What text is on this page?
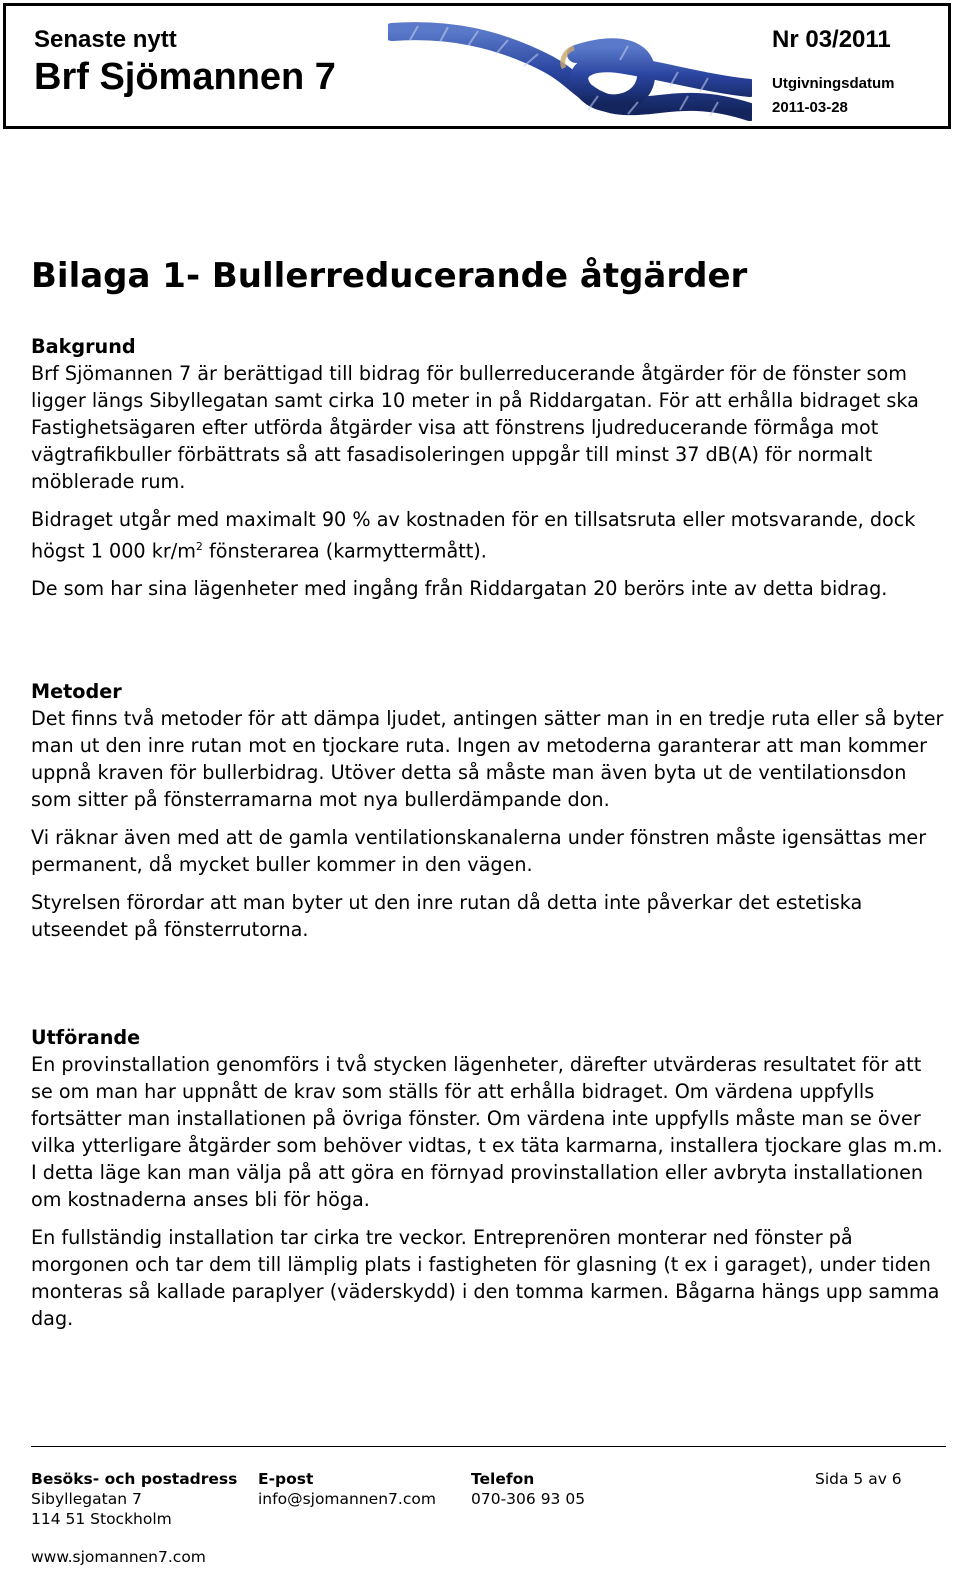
Senaste nytt
Brf Sjömannen 7
Nr 03/2011
Utgivningsdatum
2011-03-28
Bilaga 1- Bullerreducerande åtgärder
Bakgrund

Brf Sjömannen 7 är berättigad till bidrag för bullerreducerande åtgärder för de fönster som ligger längs Sibyllegatan samt cirka 10 meter in på Riddargatan. För att erhålla bidraget ska Fastighetsägaren efter utförda åtgärder visa att fönstrens ljudreducerande förmåga mot vägtrafikbuller förbättrats så att fasadisoleringen uppgår till minst 37 dB(A) för normalt möblerade rum.

Bidraget utgår med maximalt 90 % av kostnaden för en tillsatsruta eller motsvarande, dock högst 1 000 $kr/m^2$ fönsterarea (karmyttermått).

De som har sina lägenheter med ingång från Riddargatan 20 berörs inte av detta bidrag.

Metoder

Det finns två metoder för att dämpa ljudet, antingen sätter man in en tredje ruta eller så byter man ut den inre rutan mot en tjockare ruta. Ingen av metoderna garanterar att man kommer uppnå kraven för bullerbidrag. Utöver detta så måste man även byta ut de ventilationsdon som sitter på fönsterramarna mot nya bullerdämpande don.

Vi räknar även med att de gamla ventilationskanalerna under fönstren måste igensättas mer permanent, då mycket buller kommer in den vägen.

Styrelsen förordar att man byter ut den inre rutan då detta inte påverkar det estetiska utseendet på fönsterrutorna.

Utförande

En provinstallation genomförs i två stycken lägenheter, därefter utvärderas resultatet för att se om man har uppnått de krav som ställs för att erhålla bidraget. Om värdena uppfylls fortsätter man installationen på övriga fönster. Om värdena inte uppfylls måste man se över vilka ytterligare åtgärder som behöver vidtas, t ex täta karmarna, installera tjockare glas m.m. I detta läge kan man välja på att göra en förnyad provinstallation eller avbryta installationen om kostnaderna anses bli för höga.

En fullständig installation tar cirka tre veckor. Entreprenören monterar ned fönster på morgonen och tar dem till lämplig plats i fastigheten för glasning (t ex i garaget), under tiden monteras så kallade paraplyer (väderskydd) i den tomma karmen. Bågarna hängs upp samma dag.

Besöks- och postadress
Sibyllegatan 7
114 51 Stockholm
E-post
info@sjomannen7.com
Telefon
070-306 93 05
Sida 5 av 6
www.sjomannen7.com
